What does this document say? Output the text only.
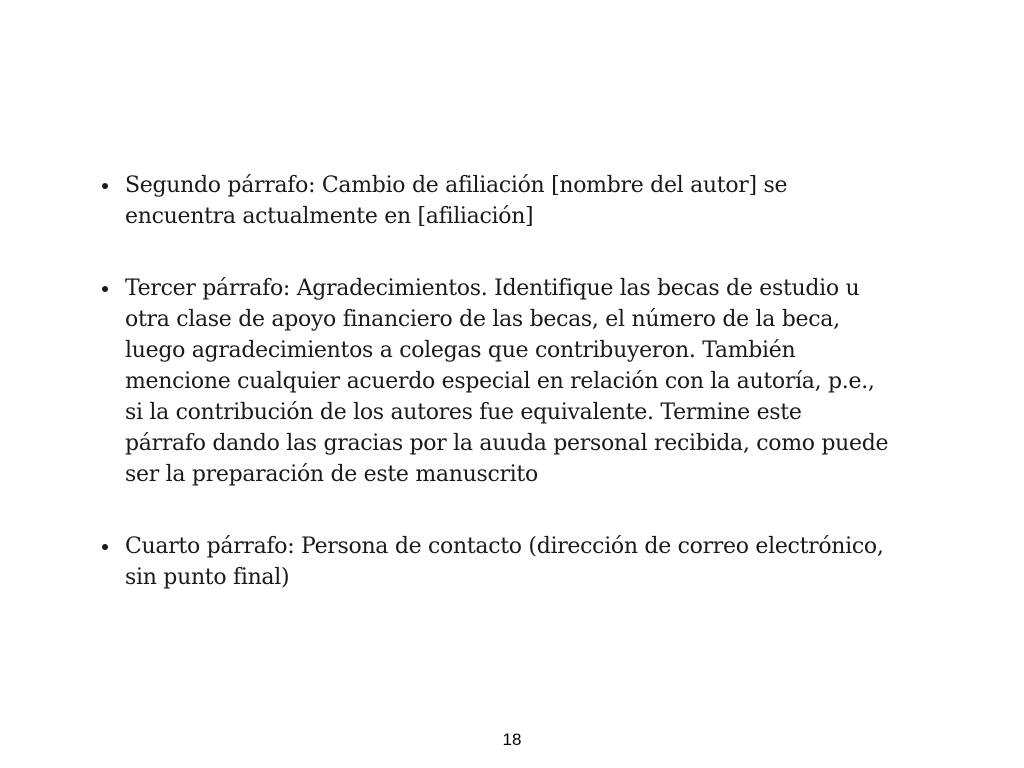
Segundo párrafo: Cambio de afiliación [nombre del autor] se
encuentra actualmente en [afiliación]
Tercer párrafo: Agradecimientos. Identifique las becas de estudio u
otra clase de apoyo financiero de las becas, el número de la beca,
luego agradecimientos a colegas que contribuyeron. También
mencione cualquier acuerdo especial en relación con la autoría, p.e.,
si la contribución de los autores fue equivalente. Termine este
párrafo dando las gracias por la auuda personal recibida, como puede
ser la preparación de este manuscrito
Cuarto párrafo: Persona de contacto (dirección de correo electrónico,
sin punto final)
18
